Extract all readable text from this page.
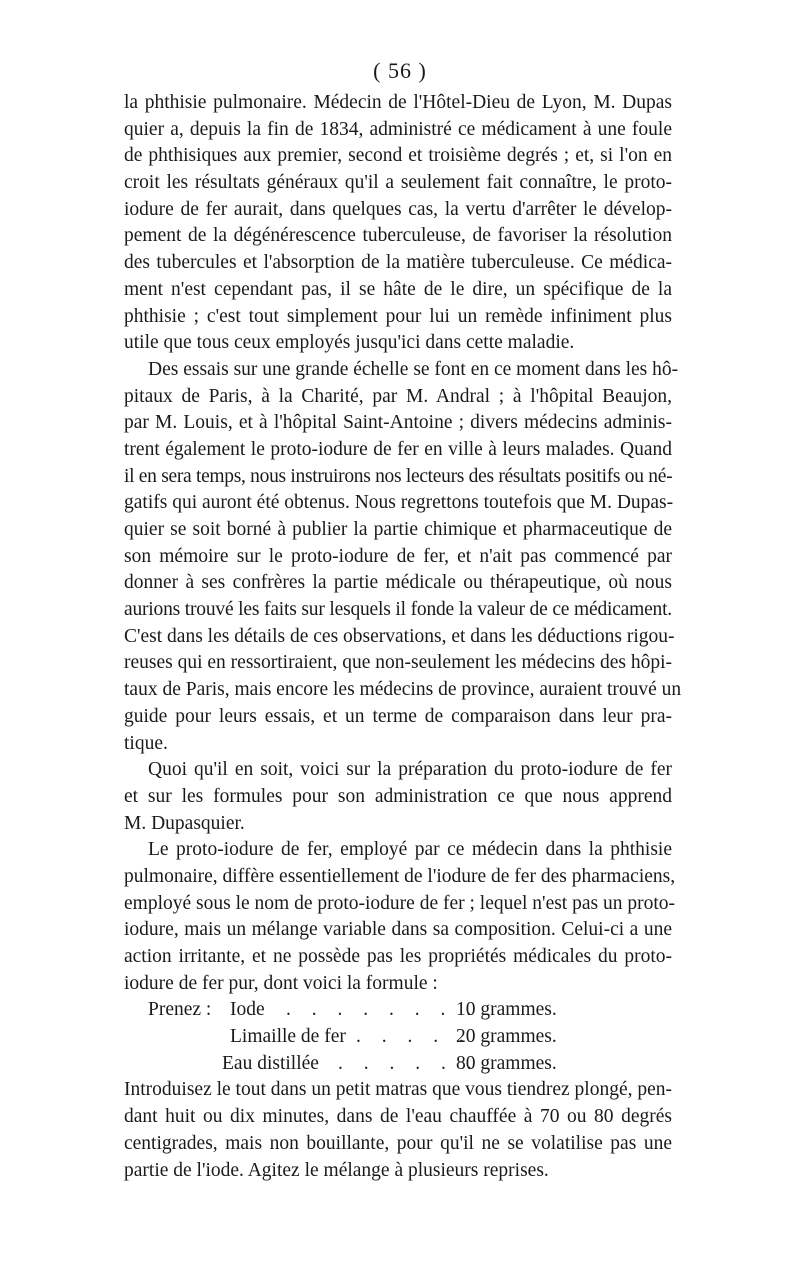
( 56 )
la phthisie pulmonaire. Médecin de l'Hôtel-Dieu de Lyon, M. Dupas
quier a, depuis la fin de 1834, administré ce médicament à une foule
de phthisiques aux premier, second et troisième degrés ; et, si l'on en
croit les résultats généraux qu'il a seulement fait connaître, le proto-
iodure de fer aurait, dans quelques cas, la vertu d'arrêter le dévelop-
pement de la dégénérescence tuberculeuse, de favoriser la résolution
des tubercules et l'absorption de la matière tuberculeuse. Ce médica-
ment n'est cependant pas, il se hâte de le dire, un spécifique de la
phthisie ; c'est tout simplement pour lui un remède infiniment plus
utile que tous ceux employés jusqu'ici dans cette maladie.
Des essais sur une grande échelle se font en ce moment dans les hô-
pitaux de Paris, à la Charité, par M. Andral ; à l'hôpital Beaujon,
par M. Louis, et à l'hôpital Saint-Antoine ; divers médecins adminis-
trent également le proto-iodure de fer en ville à leurs malades. Quand
il en sera temps, nous instruirons nos lecteurs des résultats positifs ou né-
gatifs qui auront été obtenus. Nous regrettons toutefois que M. Dupas-
quier se soit borné à publier la partie chimique et pharmaceutique de
son mémoire sur le proto-iodure de fer, et n'ait pas commencé par
donner à ses confrères la partie médicale ou thérapeutique, où nous
aurions trouvé les faits sur lesquels il fonde la valeur de ce médicament.
C'est dans les détails de ces observations, et dans les déductions rigou-
reuses qui en ressortiraient, que non-seulement les médecins des hôpi-
taux de Paris, mais encore les médecins de province, auraient trouvé un
guide pour leurs essais, et un terme de comparaison dans leur pra-
tique.
Quoi qu'il en soit, voici sur la préparation du proto-iodure de fer
et sur les formules pour son administration ce que nous apprend
M. Dupasquier.
Le proto-iodure de fer, employé par ce médecin dans la phthisie
pulmonaire, diffère essentiellement de l'iodure de fer des pharmaciens,
employé sous le nom de proto-iodure de fer ; lequel n'est pas un proto-
iodure, mais un mélange variable dans sa composition. Celui-ci a une
action irritante, et ne possède pas les propriétés médicales du proto-
iodure de fer pur, dont voici la formule :
Prenez : Iode . . . . . . . .
10 grammes.
Limaille de fer . . . . .
20 grammes.
Eau distillée . . . . . .
80 grammes.
Introduisez le tout dans un petit matras que vous tiendrez plongé, pen-
dant huit ou dix minutes, dans de l'eau chauffée à 70 ou 80 degrés
centigrades, mais non bouillante, pour qu'il ne se volatilise pas une
partie de l'iode. Agitez le mélange à plusieurs reprises.
